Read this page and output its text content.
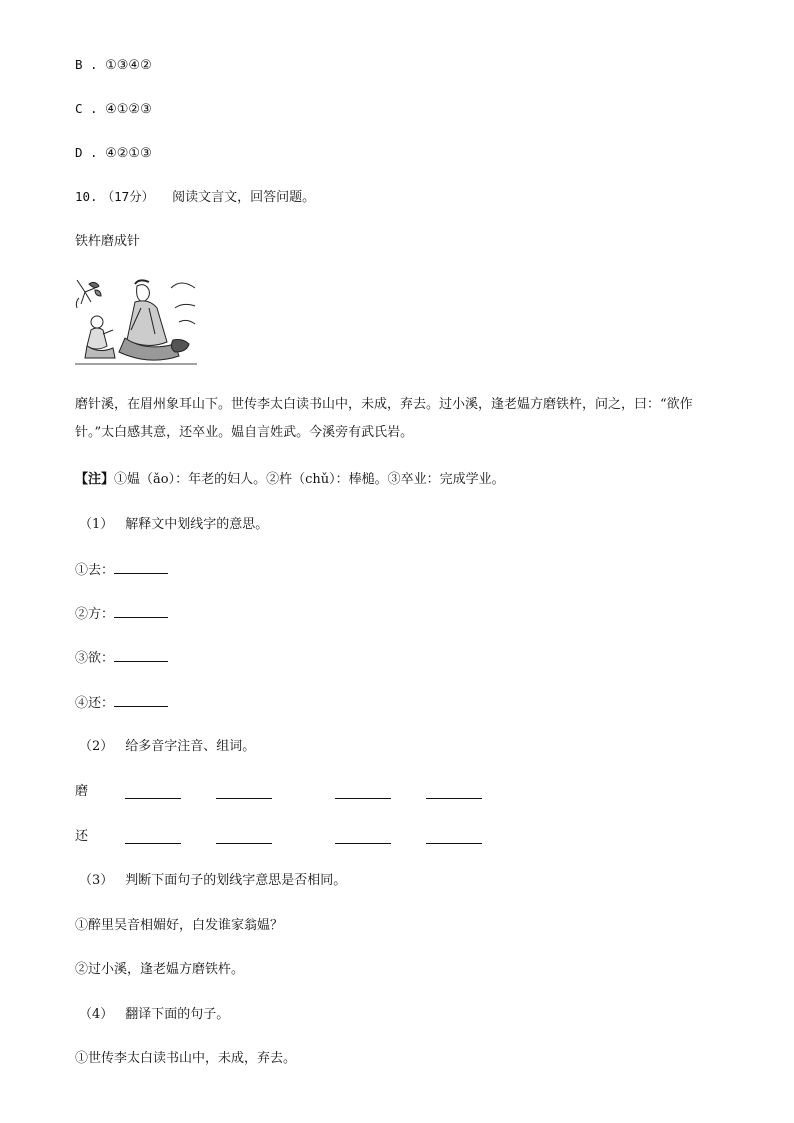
B . ①③④②
C . ④①②③
D . ④②①③
10. （17分） 阅读文言文，回答问题。
铁杵磨成针
磨针溪，在眉州象耳山下。世传李太白读书山中，未成，弃去。过小溪，逢老媪方磨铁杵，问之，曰：“欲作
针。”太白感其意，还卒业。媪自言姓武。今溪旁有武氏岩。
【注】①媪（ǎo）：年老的妇人。②杵（chǔ）：棒槌。③卒业：完成学业。
（1） 解释文中划线字的意思。
①去：
②方：
③欲：
④还：
（2） 给多音字注音、组词。
磨
还
（3） 判断下面句子的划线字意思是否相同。
①醉里吴音相媚好，白发谁家翁媪？
②过小溪，逢老媪方磨铁杵。
（4） 翻译下面的句子。
①世传李太白读书山中，未成，弃去。
